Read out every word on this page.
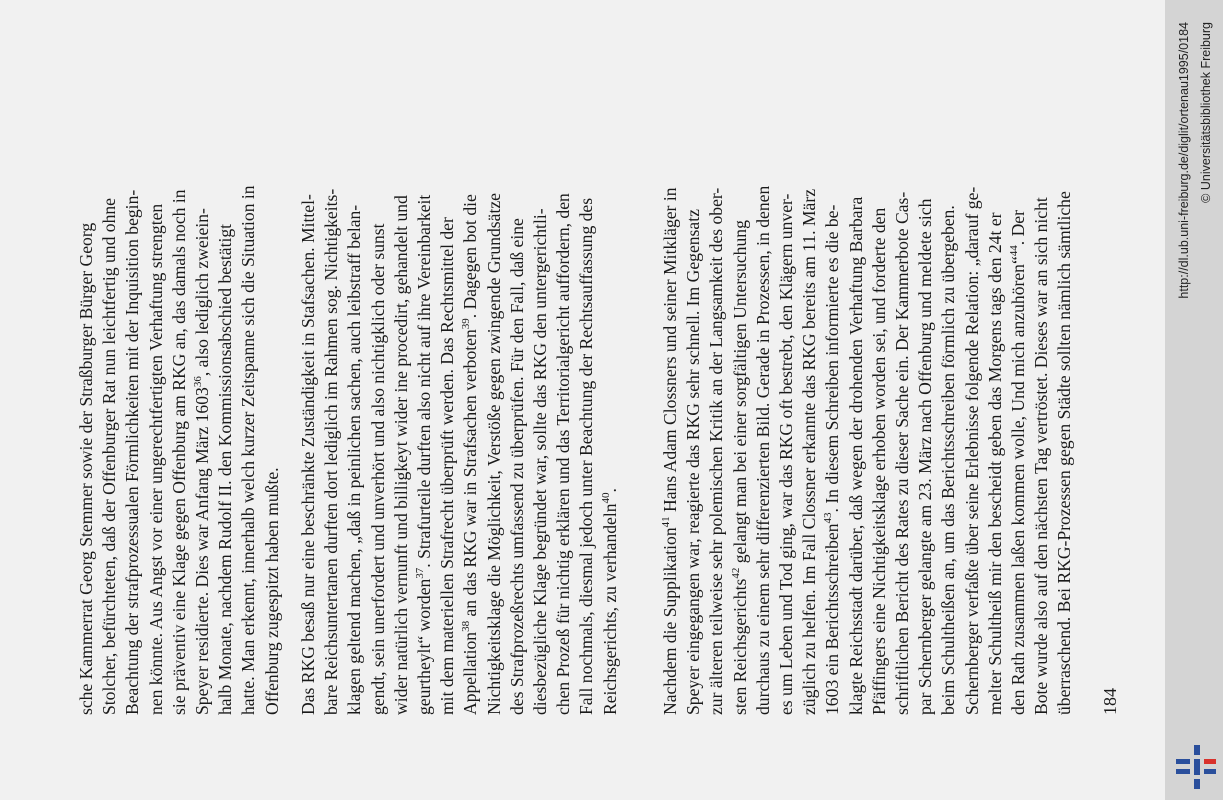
sche Kammerrat Georg Stemmer sowie der Straßburger Bürger Georg Stolcher, befürchteten, daß der Offenburger Rat nun leichtfertig und ohne Beachtung der strafprozessualen Förmlichkeiten mit der Inquisition begin- nen könnte. Aus Angst vor einer ungerechtfertigten Verhaftung strengten sie präventiv eine Klage gegen Offenburg am RKG an, das damals noch in Speyer residierte. Dies war Anfang März 1603$^{36}$, also lediglich zweiein- halb Monate, nachdem Rudolf II. den Kommissionsabschied bestätigt hatte. Man erkennt, innerhalb welch kurzer Zeitspanne sich die Situation in Offenburg zugespitzt haben mußte. Das RKG besaß nur eine beschränkte Zuständigkeit in Stafsachen. Mittel- bare Reichsuntertanen durften dort lediglich im Rahmen sog. Nichtigkeits- klagen geltend machen, „daß in peinlichen sachen, auch leibstraff belan- gendt, sein unerfordert und unverhört und also nichtigklich oder sunst wider natürlich vernunft und billigkeyt wider ine procedirt, gehandelt und geurtheylt“ worden$^{37}$. Strafurteile durften also nicht auf ihre Vereinbarkeit mit dem materiellen Strafrecht überprüft werden. Das Rechtsmittel der Appellation$^{38}$ an das RKG war in Strafsachen verboten$^{39}$. Dagegen bot die Nichtigkeitsklage die Möglichkeit, Verstöße gegen zwingende Grundsätze des Strafprozeßrechts umfassend zu überprüfen. Für den Fall, daß eine diesbezügliche Klage begründet war, sollte das RKG den untergerichtli- chen Prozeß für nichtig erklären und das Territorialgericht auffordern, den Fall nochmals, diesmal jedoch unter Beachtung der Rechtsauffassung des Reichsgerichts, zu verhandeln$^{40}$.
Nachdem die Supplikation$^{41}$ Hans Adam Clossners und seiner Mitkläger in Speyer eingegangen war, reagierte das RKG sehr schnell. Im Gegensatz zur älteren teilweise sehr polemischen Kritik an der Langsamkeit des ober- sten Reichsgerichts$^{42}$ gelangt man bei einer sorgfältigen Untersuchung durchaus zu einem sehr differenzierten Bild. Gerade in Prozessen, in denen es um Leben und Tod ging, war das RKG oft bestrebt, den Klägern unver- züglich zu helfen. Im Fall Clossner erkannte das RKG bereits am 11. März 1603 ein Berichtsschreiben$^{43}$. In diesem Schreiben informierte es die be- klagte Reichsstadt darüber, daß wegen der drohenden Verhaftung Barbara Pfäffingers eine Nichtigkeitsklage erhoben worden sei, und forderte den schriftlichen Bericht des Rates zu dieser Sache ein. Der Kammerbote Cas- par Schernberger gelangte am 23. März nach Offenburg und meldete sich beim Schultheißen an, um das Berichtsschreiben förmlich zu übergeben. Schernberger verfaßte über seine Erlebnisse folgende Relation: „darauf ge- melter Schultheiß mir den bescheidt geben das Morgens tags den 24t er den Rath zusammen laßen kommen wolle, Und mich anzuhören“$^{44}$. Der Bote wurde also auf den nächsten Tag vertröstet. Dieses war an sich nicht überraschend. Bei RKG-Prozessen gegen Städte sollten nämlich sämtliche 184
http://dl.ub.uni-freiburg.de/diglit/ortenau1995/0184 © Universitätsbibliothek Freiburg
